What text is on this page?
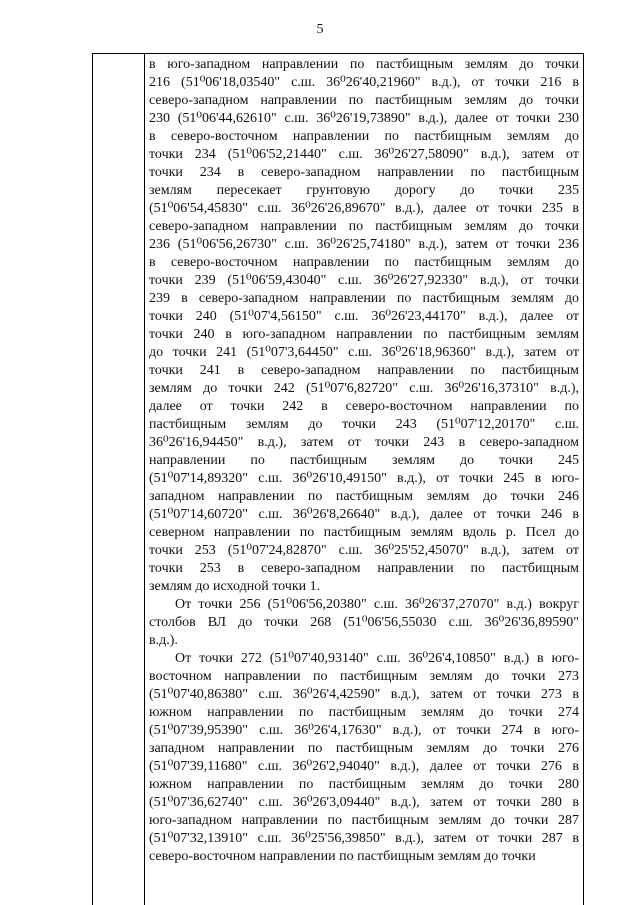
5
в юго-западном направлении по пастбищным землям до точки
216 (51⁰06'18,03540" с.ш. 36⁰26'40,21960" в.д.), от точки 216 в
северо-западном направлении по пастбищным землям до точки
230 (51⁰06'44,62610" с.ш. 36⁰26'19,73890" в.д.), далее от точки 230
в северо-восточном направлении по пастбищным землям до
точки 234 (51⁰06'52,21440" с.ш. 36⁰26'27,58090" в.д.), затем от
точки 234 в северо-западном направлении по пастбищным
землям пересекает грунтовую дорогу до точки 235
(51⁰06'54,45830" с.ш. 36⁰26'26,89670" в.д.), далее от точки 235 в
северо-западном направлении по пастбищным землям до точки
236 (51⁰06'56,26730" с.ш. 36⁰26'25,74180" в.д.), затем от точки 236
в северо-восточном направлении по пастбищным землям до
точки 239 (51⁰06'59,43040" с.ш. 36⁰26'27,92330" в.д.), от точки
239 в северо-западном направлении по пастбищным землям до
точки 240 (51⁰07'4,56150" с.ш. 36⁰26'23,44170" в.д.), далее от
точки 240 в юго-западном направлении по пастбищным землям
до точки 241 (51⁰07'3,64450" с.ш. 36⁰26'18,96360" в.д.), затем от
точки 241 в северо-западном направлении по пастбищным
землям до точки 242 (51⁰07'6,82720" с.ш. 36⁰26'16,37310" в.д.),
далее от точки 242 в северо-восточном направлении по
пастбищным землям до точки 243 (51⁰07'12,20170" с.ш.
36⁰26'16,94450" в.д.), затем от точки 243 в северо-западном
направлении по пастбищным землям до точки 245
(51⁰07'14,89320" с.ш. 36⁰26'10,49150" в.д.), от точки 245 в юго-
западном направлении по пастбищным землям до точки 246
(51⁰07'14,60720" с.ш. 36⁰26'8,26640" в.д.), далее от точки 246 в
северном направлении по пастбищным землям вдоль р. Псел до
точки 253 (51⁰07'24,82870" с.ш. 36⁰25'52,45070" в.д.), затем от
точки 253 в северо-западном направлении по пастбищным
землям до исходной точки 1.
От точки 256 (51⁰06'56,20380" с.ш. 36⁰26'37,27070" в.д.) вокруг
столбов ВЛ до точки 268 (51⁰06'56,55030 с.ш. 36⁰26'36,89590"
в.д.).
От точки 272 (51⁰07'40,93140" с.ш. 36⁰26'4,10850" в.д.) в юго-
восточном направлении по пастбищным землям до точки 273
(51⁰07'40,86380" с.ш. 36⁰26'4,42590" в.д.), затем от точки 273 в
южном направлении по пастбищным землям до точки 274
(51⁰07'39,95390" с.ш. 36⁰26'4,17630" в.д.), от точки 274 в юго-
западном направлении по пастбищным землям до точки 276
(51⁰07'39,11680" с.ш. 36⁰26'2,94040" в.д.), далее от точки 276 в
южном направлении по пастбищным землям до точки 280
(51⁰07'36,62740" с.ш. 36⁰26'3,09440" в.д.), затем от точки 280 в
юго-западном направлении по пастбищным землям до точки 287
(51⁰07'32,13910" с.ш. 36⁰25'56,39850" в.д.), затем от точки 287 в
северо-восточном направлении по пастбищным землям до точки
